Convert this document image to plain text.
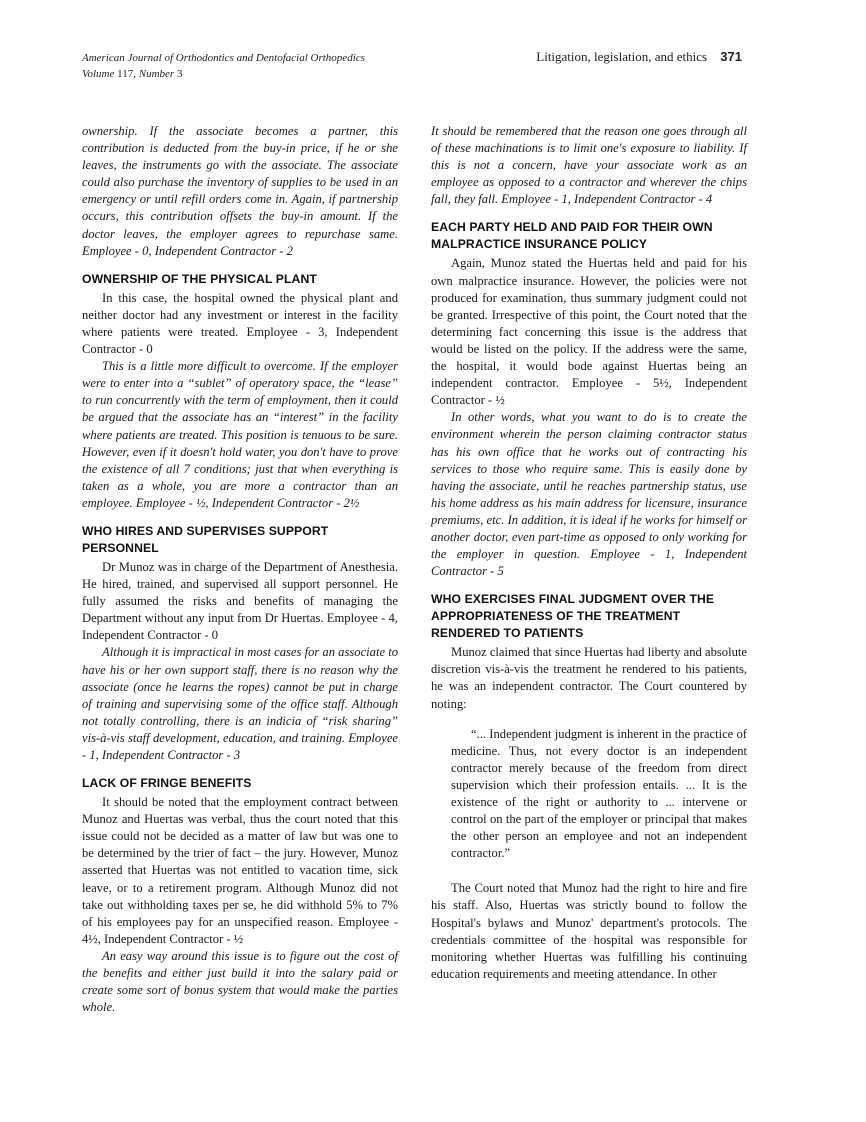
American Journal of Orthodontics and Dentofacial Orthopedics
Volume 117, Number 3
Litigation, legislation, and ethics 371

ownership. If the associate becomes a partner, this contribution is deducted from the buy-in price, if he or she leaves, the instruments go with the associate. The associate could also purchase the inventory of supplies to be used in an emergency or until refill orders come in. Again, if partnership occurs, this contribution offsets the buy-in amount. If the doctor leaves, the employer agrees to repurchase same. Employee - 0, Independent Contractor - 2

OWNERSHIP OF THE PHYSICAL PLANT

In this case, the hospital owned the physical plant and neither doctor had any investment or interest in the facility where patients were treated. Employee - 3, Independent Contractor - 0

This is a little more difficult to overcome. If the employer were to enter into a “sublet” of operatory space, the “lease” to run concurrently with the term of employment, then it could be argued that the associate has an “interest” in the facility where patients are treated. This position is tenuous to be sure. However, even if it doesn't hold water, you don't have to prove the existence of all 7 conditions; just that when everything is taken as a whole, you are more a contractor than an employee. Employee - ½, Independent Contractor - 2½

WHO HIRES AND SUPERVISES SUPPORT PERSONNEL

Dr Munoz was in charge of the Department of Anesthesia. He hired, trained, and supervised all support personnel. He fully assumed the risks and benefits of managing the Department without any input from Dr Huertas. Employee - 4, Independent Contractor - 0

Although it is impractical in most cases for an associate to have his or her own support staff, there is no reason why the associate (once he learns the ropes) cannot be put in charge of training and supervising some of the office staff. Although not totally controlling, there is an indicia of “risk sharing” vis-à-vis staff development, education, and training. Employee - 1, Independent Contractor - 3

LACK OF FRINGE BENEFITS

It should be noted that the employment contract between Munoz and Huertas was verbal, thus the court noted that this issue could not be decided as a matter of law but was one to be determined by the trier of fact – the jury. However, Munoz asserted that Huertas was not entitled to vacation time, sick leave, or to a retirement program. Although Munoz did not take out withholding taxes per se, he did withhold 5% to 7% of his employees pay for an unspecified reason. Employee - 4½, Independent Contractor - ½

An easy way around this issue is to figure out the cost of the benefits and either just build it into the salary paid or create some sort of bonus system that would make the parties whole.

It should be remembered that the reason one goes through all of these machinations is to limit one's exposure to liability. If this is not a concern, have your associate work as an employee as opposed to a contractor and wherever the chips fall, they fall. Employee - 1, Independent Contractor - 4

EACH PARTY HELD AND PAID FOR THEIR OWN MALPRACTICE INSURANCE POLICY

Again, Munoz stated the Huertas held and paid for his own malpractice insurance. However, the policies were not produced for examination, thus summary judgment could not be granted. Irrespective of this point, the Court noted that the determining fact concerning this issue is the address that would be listed on the policy. If the address were the same, the hospital, it would bode against Huertas being an independent contractor. Employee - 5½, Independent Contractor - ½

In other words, what you want to do is to create the environment wherein the person claiming contractor status has his own office that he works out of contracting his services to those who require same. This is easily done by having the associate, until he reaches partnership status, use his home address as his main address for licensure, insurance premiums, etc. In addition, it is ideal if he works for himself or another doctor, even part-time as opposed to only working for the employer in question. Employee - 1, Independent Contractor - 5

WHO EXERCISES FINAL JUDGMENT OVER THE APPROPRIATENESS OF THE TREATMENT RENDERED TO PATIENTS

Munoz claimed that since Huertas had liberty and absolute discretion vis-à-vis the treatment he rendered to his patients, he was an independent contractor. The Court countered by noting:

“... Independent judgment is inherent in the practice of medicine. Thus, not every doctor is an independent contractor merely because of the freedom from direct supervision which their profession entails. ... It is the existence of the right or authority to ... intervene or control on the part of the employer or principal that makes the other person an employee and not an independent contractor.”

The Court noted that Munoz had the right to hire and fire his staff. Also, Huertas was strictly bound to follow the Hospital's bylaws and Munoz' department's protocols. The credentials committee of the hospital was responsible for monitoring whether Huertas was fulfilling his continuing education requirements and meeting attendance. In other
